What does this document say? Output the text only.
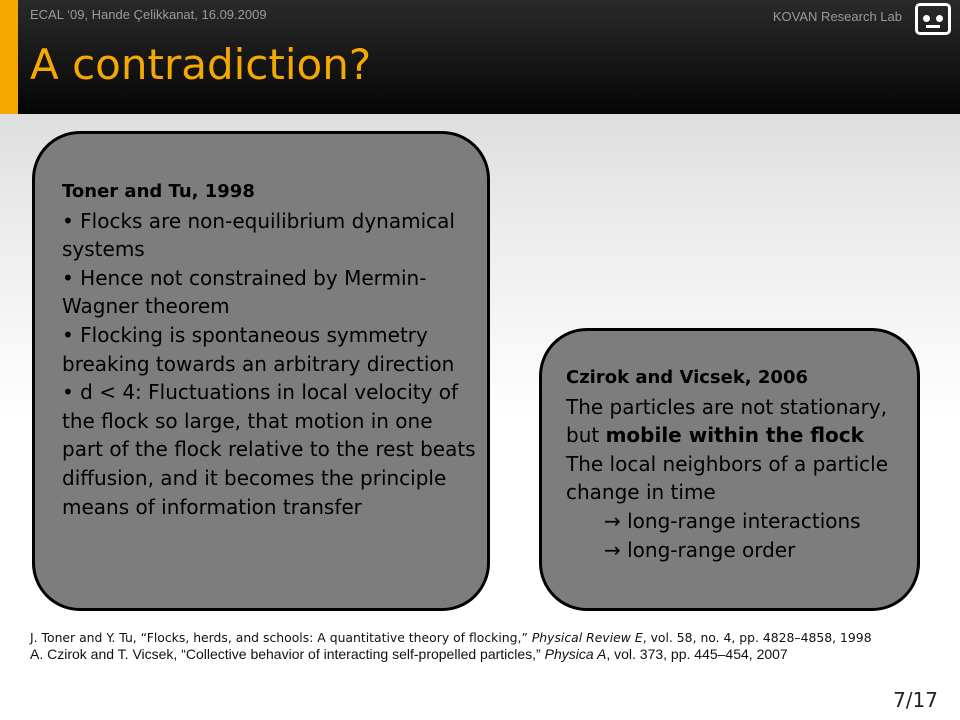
ECAL ‘09, Hande Çelikkanat, 16.09.2009	KOVAN Research Lab
A contradiction?

Toner and Tu, 1998

• Flocks are non-equilibrium dynamical systems

• Hence not constrained by Mermin-Wagner theorem

• Flocking is spontaneous symmetry breaking towards an arbitrary direction

• d < 4: Fluctuations in local velocity of the flock so large, that motion in one part of the flock relative to the rest beats diffusion, and it becomes the principle means of information transfer

Czirok and Vicsek, 2006

The particles are not stationary, but mobile within the flock

The local neighbors of a particle change in time

→ long-range interactions

→ long-range order

J. Toner and Y. Tu, “Flocks, herds, and schools: A quantitative theory of flocking,” Physical Review E, vol. 58, no. 4, pp. 4828–4858, 1998
A. Czirok and T. Vicsek, “Collective behavior of interacting self-propelled particles,” Physica A, vol. 373, pp. 445–454, 2007
7/17
